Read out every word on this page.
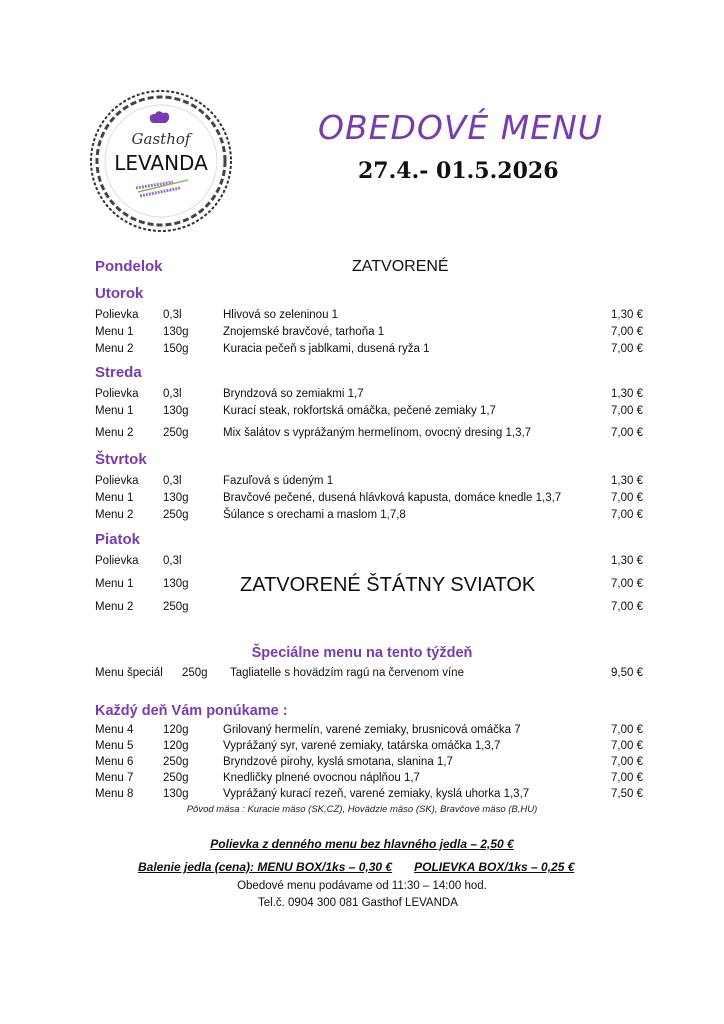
Gasthof
LEVANDA
OBEDOVÉ MENU
27.4.- 01.5.2026
Pondelok	ZATVORENÉ
Utorok
Polievka 0,3l	Hlivová so zeleninou 1	1,30 €
Menu 1	130g	Znojemské bravčové, tarhoňa 1	7,00 €
Menu 2	150g	Kuracia pečeň s jablkami, dusená ryža 1	7,00 €
Streda
Polievka 0,3l	Bryndzová so zemiakmi 1,7	1,30 €
Menu 1	130g	Kurací steak, rokfortská omáčka, pečené zemiaky 1,7	7,00 €
Menu 2	250g	Mix šalátov s vyprážaným hermelínom, ovocný dresing 1,3,7	7,00 €
Štvrtok
Polievka 0,3l	Fazuľová s údeným 1	1,30 €
Menu 1	130g	Bravčové pečené, dusená hlávková kapusta, domáce knedle 1,3,7	7,00 €
Menu 2	250g	Šúlance s orechami a maslom 1,7,8	7,00 €
Piatok
Polievka 0,3l	1,30 €
Menu 1	130g	7,00 €
Menu 2	250g	7,00 €
ZATVORENÉ ŠTÁTNY SVIATOK
Špeciálne menu na tento týždeň
Menu špeciál 250g Tagliatelle s hovädzím ragú na červenom víne	9,50 €
Každý deň Vám ponúkame :
Menu 4	120g	Grilovaný hermelín, varené zemiaky, brusnicová omáčka 7	7,00 €
Menu 5	120g	Vyprážaný syr, varené zemiaky, tatárska omáčka 1,3,7	7,00 €
Menu 6	250g	Bryndzové pirohy, kyslá smotana, slanina 1,7	7,00 €
Menu 7	250g	Knedličky plnené ovocnou náplňou 1,7	7,00 €
Menu 8	130g	Vyprážaný kurací rezeň, varené zemiaky, kyslá uhorka 1,3,7	7,50 €
Pôvod mäsa : Kuracie mäso (SK,CZ), Hovädzie mäso (SK), Bravčové mäso (B,HU)
Polievka z denného menu bez hlavného jedla – 2,50 €
Balenie jedla (cena): MENU BOX/1ks – 0,30 € POLIEVKA BOX/1ks – 0,25 €
Obedové menu podávame od 11:30 – 14:00 hod.
Tel.č. 0904 300 081 Gasthof LEVANDA
